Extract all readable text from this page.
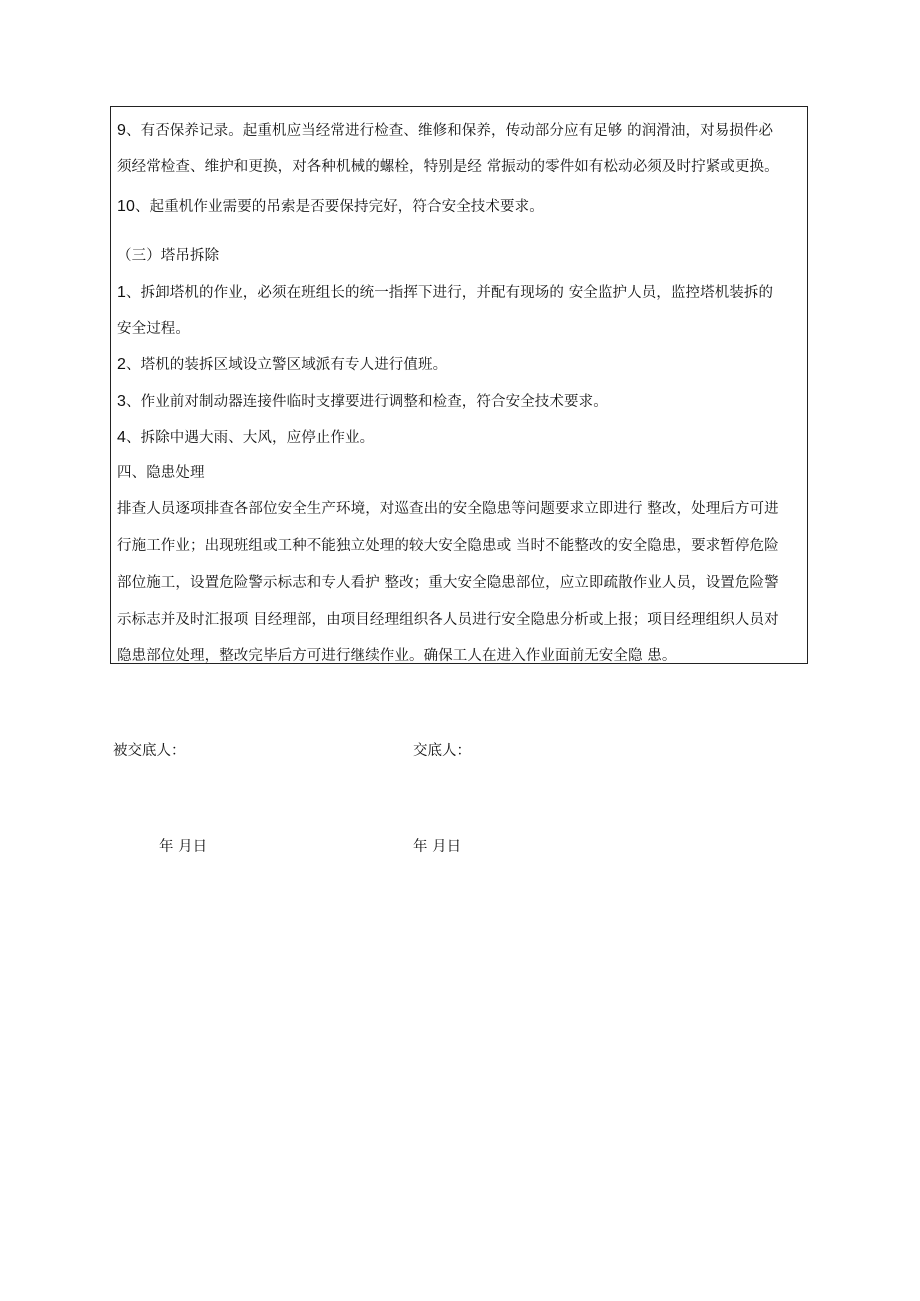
9、有否保养记录。起重机应当经常进行检查、维修和保养，传动部分应有足够 的润滑油，对易损件必
须经常检查、维护和更换，对各种机械的螺栓，特别是经 常振动的零件如有松动必须及时拧紧或更换。
10、起重机作业需要的吊索是否要保持完好，符合安全技术要求。
（三）塔吊拆除
1、拆卸塔机的作业，必须在班组长的统一指挥下进行，并配有现场的 安全监护人员，监控塔机装拆的
安全过程。
2、塔机的装拆区域设立警区域派有专人进行值班。
3、作业前对制动器连接件临时支撑要进行调整和检查，符合安全技术要求。
4、拆除中遇大雨、大风，应停止作业。
四、隐患处理
排查人员逐项排查各部位安全生产环境，对巡查出的安全隐患等问题要求立即进行 整改，处理后方可进
行施工作业；出现班组或工种不能独立处理的较大安全隐患或 当时不能整改的安全隐患，要求暂停危险
部位施工，设置危险警示标志和专人看护 整改；重大安全隐患部位，应立即疏散作业人员，设置危险警
示标志并及时汇报项 目经理部，由项目经理组织各人员进行安全隐患分析或上报；项目经理组织人员对
隐患部位处理，整改完毕后方可进行继续作业。确保工人在进入作业面前无安全隐 患。
被交底人：	交底人：
年 月日	年 月日
